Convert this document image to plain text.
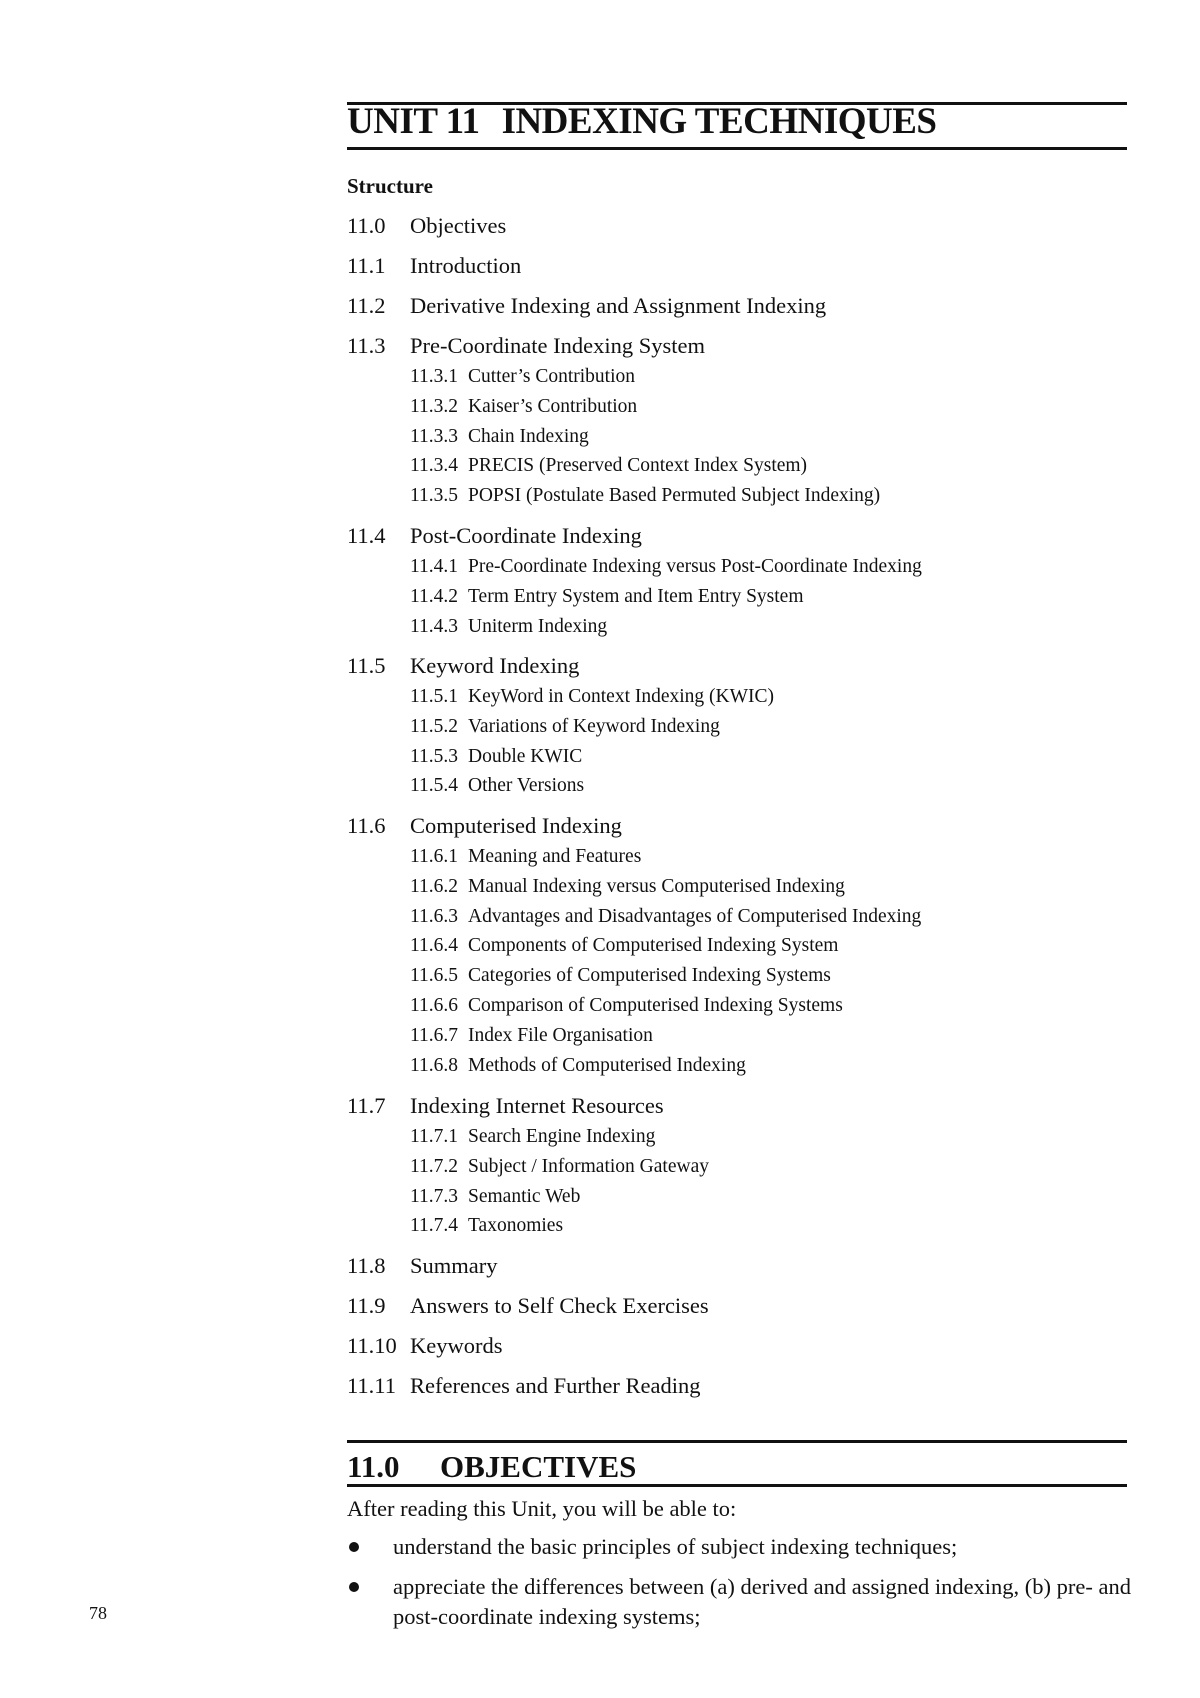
UNIT 11 INDEXING TECHNIQUES
Structure
11.0 Objectives
11.1 Introduction
11.2 Derivative Indexing and Assignment Indexing
11.3 Pre-Coordinate Indexing System
11.3.1 Cutter’s Contribution
11.3.2 Kaiser’s Contribution
11.3.3 Chain Indexing
11.3.4 PRECIS (Preserved Context Index System)
11.3.5 POPSI (Postulate Based Permuted Subject Indexing)
11.4 Post-Coordinate Indexing
11.4.1 Pre-Coordinate Indexing versus Post-Coordinate Indexing
11.4.2 Term Entry System and Item Entry System
11.4.3 Uniterm Indexing
11.5 Keyword Indexing
11.5.1 KeyWord in Context Indexing (KWIC)
11.5.2 Variations of Keyword Indexing
11.5.3 Double KWIC
11.5.4 Other Versions
11.6 Computerised Indexing
11.6.1 Meaning and Features
11.6.2 Manual Indexing versus Computerised Indexing
11.6.3 Advantages and Disadvantages of Computerised Indexing
11.6.4 Components of Computerised Indexing System
11.6.5 Categories of Computerised Indexing Systems
11.6.6 Comparison of Computerised Indexing Systems
11.6.7 Index File Organisation
11.6.8 Methods of Computerised Indexing
11.7 Indexing Internet Resources
11.7.1 Search Engine Indexing
11.7.2 Subject / Information Gateway
11.7.3 Semantic Web
11.7.4 Taxonomies
11.8 Summary
11.9 Answers to Self Check Exercises
11.10 Keywords
11.11 References and Further Reading
11.0 OBJECTIVES
After reading this Unit, you will be able to:
understand the basic principles of subject indexing techniques;
appreciate the differences between (a) derived and assigned indexing, (b) pre- and post-coordinate indexing systems;
78
